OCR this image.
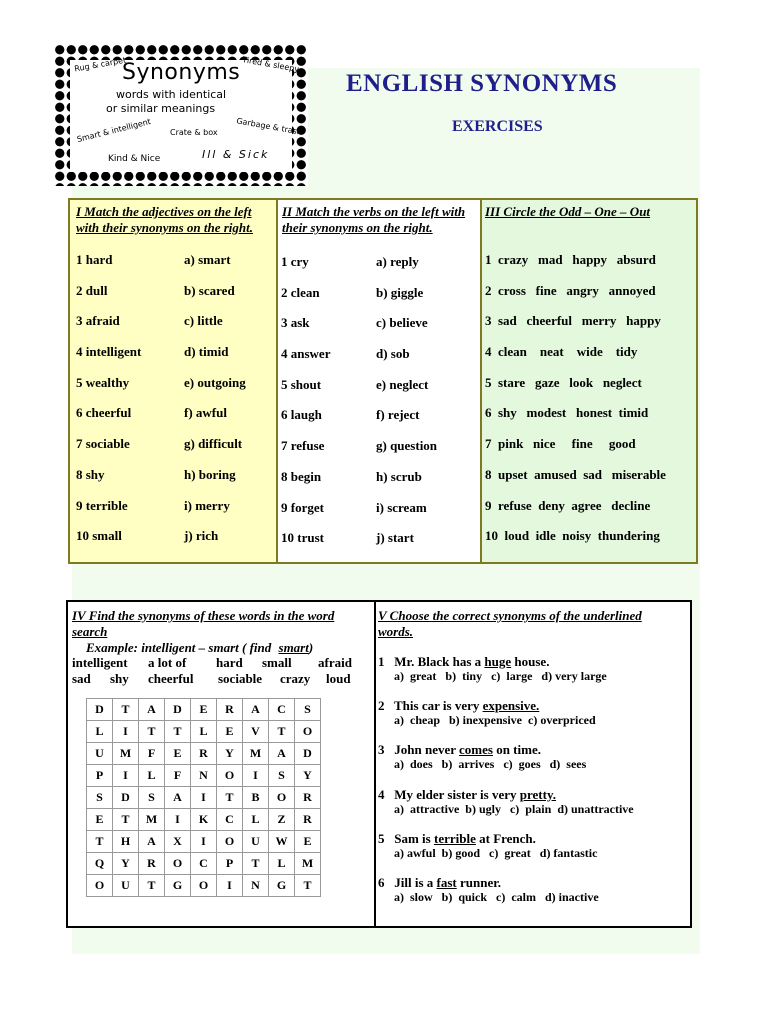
Rug & carpet
Synonyms Tired & sleepy
words with identical
or similar meanings
Smart & intelligent Crate & box Garbage & trash
Kind & Nice	Ill & Sick
ENGLISH SYNONYMS
EXERCISES
I Match the adjectives on the left with their synonyms on the right.
1 hard	a) smart
2 dull	b) scared
3 afraid	c) little
4 intelligent	d) timid
5 wealthy	e) outgoing
6 cheerful	f) awful
7 sociable	g) difficult
8 shy	h) boring
9 terrible	i) merry
10 small	j) rich
II Match the verbs on the left with their synonyms on the right.
1 cry	a) reply
2 clean	b) giggle
3 ask	c) believe
4 answer	d) sob
5 shout	e) neglect
6 laugh	f) reject
7 refuse	g) question
8 begin	h) scrub
9 forget	i) scream
10 trust	j) start
III Circle the Odd – One – Out
1  crazy   mad   happy   absurd
2  cross   fine   angry   annoyed
3  sad   cheerful   merry   happy
4  clean    neat    wide    tidy
5  stare   gaze   look   neglect
6  shy   modest   honest  timid
7  pink   nice     fine     good
8  upset  amused  sad   miserable
9  refuse  deny  agree   decline
10  loud  idle  noisy  thundering
IV Find the synonyms of these words in the word search
Example: intelligent – smart ( find smart)
intelligent a lot of hard small afraid
sad shy cheerful sociable crazy loud
V Choose the correct synonyms of the underlined words.
1   Mr. Black has a huge house.
a)  great   b)  tiny   c)  large   d) very large
2   This car is very expensive.
a)  cheap   b) inexpensive  c) overpriced
3   John never comes on time.
a)  does   b)  arrives   c)  goes   d)  sees
4   My elder sister is very pretty.
a)  attractive  b) ugly   c)  plain  d) unattractive
5   Sam is terrible at French.
a) awful  b) good   c)  great   d) fantastic
6   Jill is a fast runner.
a)  slow   b)  quick   c)  calm   d) inactive
D	T	A	D	E	R	A	C	S
L	I	T	T	L	E	V	T	O
U	M	F	E	R	Y	M	A	D
P	I	L	F	N	O	I	S	Y
S	D	S	A	I	T	B	O	R
E	T	M	I	K	C	L	Z	R
T	H	A	X	I	O	U	W	E
Q	Y	R	O	C	P	T	L	M
O	U	T	G	O	I	N	G	T
